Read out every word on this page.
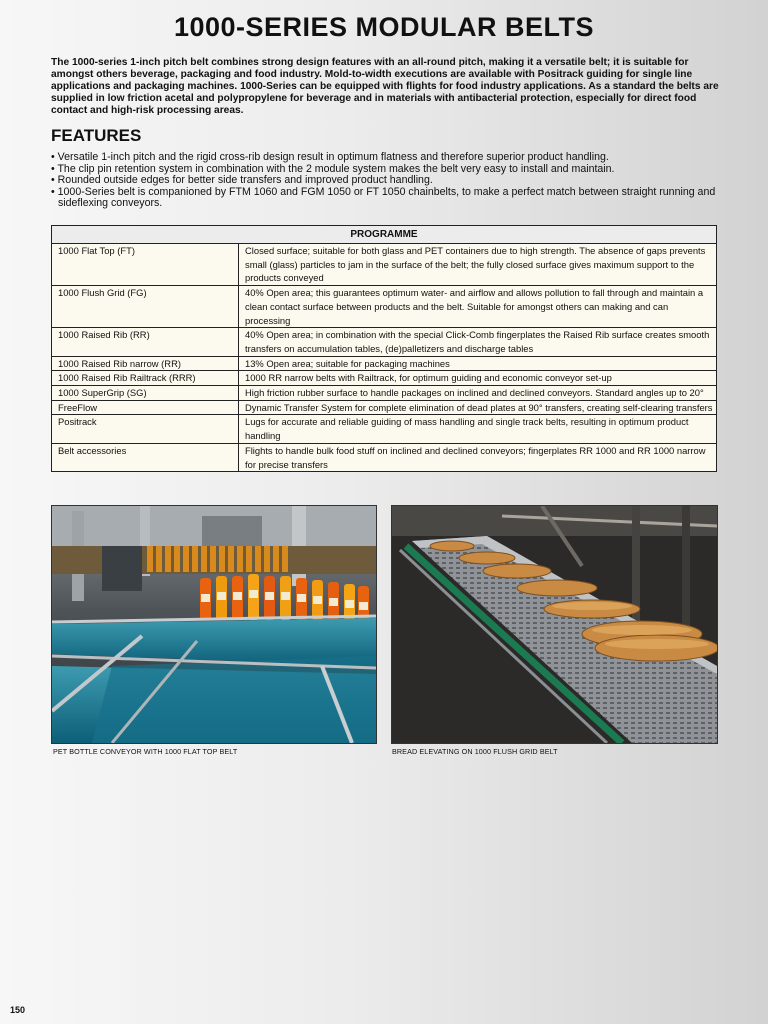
1000-SERIES MODULAR BELTS
The 1000-series 1-inch pitch belt combines strong design features with an all-round pitch, making it a versatile belt; it is suitable for amongst others beverage, packaging and food industry. Mold-to-width executions are available with Positrack guiding for single line applications and packaging machines. 1000-Series can be equipped with flights for food industry applications. As a standard the belts are supplied in low friction acetal and polypropylene for beverage and in materials with antibacterial protection, especially for direct food contact and high-risk processing areas.
FEATURES
• Versatile 1-inch pitch and the rigid cross-rib design result in optimum flatness and therefore superior product handling.
• The clip pin retention system in combination with the 2 module system makes the belt very easy to install and maintain.
• Rounded outside edges for better side transfers and improved product handling.
• 1000-Series belt is companioned by FTM 1060 and FGM 1050 or FT 1050 chainbelts, to make a perfect match between straight running and sideflexing conveyors.
PROGRAMME	
1000 Flat Top (FT)	Closed surface; suitable for both glass and PET containers due to high strength. The absence of gaps prevents small (glass) particles to jam in the surface of the belt; the fully closed surface gives maximum support to the products conveyed
1000 Flush Grid (FG)	40% Open area; this guarantees optimum water- and airflow and allows pollution to fall through and maintain a clean contact surface between products and the belt. Suitable for amongst others can making and can processing
1000 Raised Rib (RR)	40% Open area; in combination with the special Click-Comb fingerplates the Raised Rib surface creates smooth transfers on accumulation tables, (de)palletizers and discharge tables
1000 Raised Rib narrow (RR)	13% Open area; suitable for packaging machines
1000 Raised Rib Railtrack (RRR)	1000 RR narrow belts with Railtrack, for optimum guiding and economic conveyor set-up
1000 SuperGrip (SG)	High friction rubber surface to handle packages on inclined and declined conveyors. Standard angles up to 20°
FreeFlow	Dynamic Transfer System for complete elimination of dead plates at 90° transfers, creating self-clearing transfers
Positrack	Lugs for accurate and reliable guiding of mass handling and single track belts, resulting in optimum product handling
Belt accessories	Flights to handle bulk food stuff on inclined and declined conveyors; fingerplates RR 1000 and RR 1000 narrow for precise transfers
PET BOTTLE CONVEYOR WITH 1000 FLAT TOP BELT	BREAD ELEVATING ON 1000 FLUSH GRID BELT
150
